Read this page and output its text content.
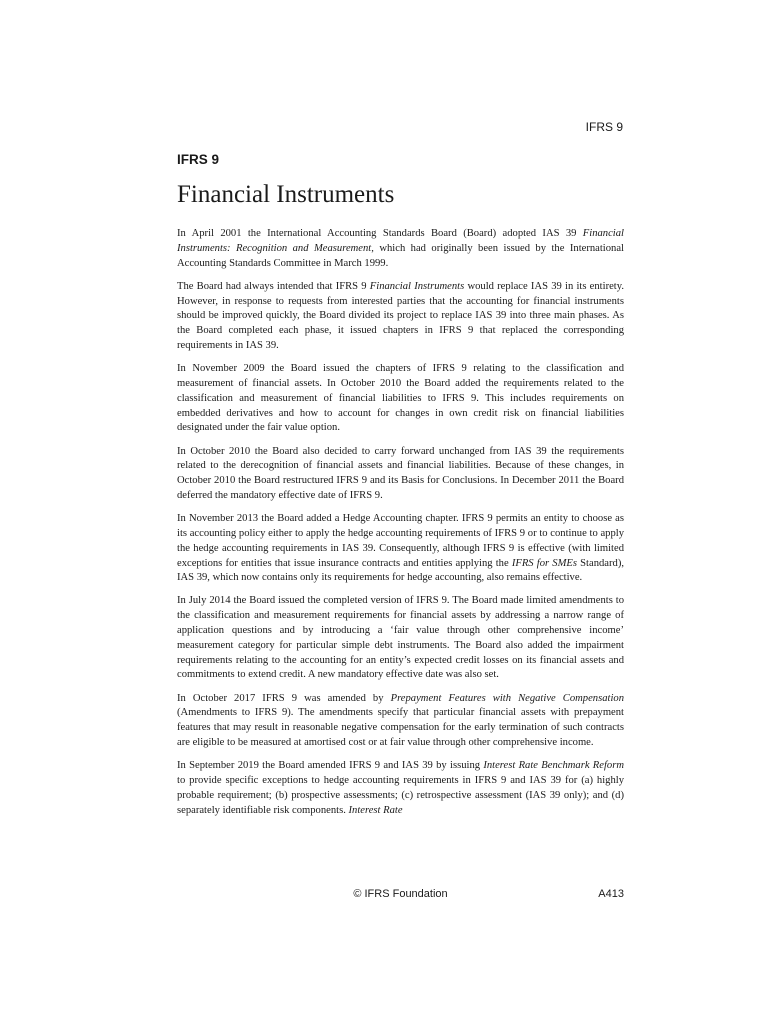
IFRS 9
IFRS 9
Financial Instruments

In April 2001 the International Accounting Standards Board (Board) adopted IAS 39 Financial Instruments: Recognition and Measurement, which had originally been issued by the International Accounting Standards Committee in March 1999.

The Board had always intended that IFRS 9 Financial Instruments would replace IAS 39 in its entirety. However, in response to requests from interested parties that the accounting for financial instruments should be improved quickly, the Board divided its project to replace IAS 39 into three main phases. As the Board completed each phase, it issued chapters in IFRS 9 that replaced the corresponding requirements in IAS 39.

In November 2009 the Board issued the chapters of IFRS 9 relating to the classification and measurement of financial assets. In October 2010 the Board added the requirements related to the classification and measurement of financial liabilities to IFRS 9. This includes requirements on embedded derivatives and how to account for changes in own credit risk on financial liabilities designated under the fair value option.

In October 2010 the Board also decided to carry forward unchanged from IAS 39 the requirements related to the derecognition of financial assets and financial liabilities. Because of these changes, in October 2010 the Board restructured IFRS 9 and its Basis for Conclusions. In December 2011 the Board deferred the mandatory effective date of IFRS 9.

In November 2013 the Board added a Hedge Accounting chapter. IFRS 9 permits an entity to choose as its accounting policy either to apply the hedge accounting requirements of IFRS 9 or to continue to apply the hedge accounting requirements in IAS 39. Consequently, although IFRS 9 is effective (with limited exceptions for entities that issue insurance contracts and entities applying the IFRS for SMEs Standard), IAS 39, which now contains only its requirements for hedge accounting, also remains effective.

In July 2014 the Board issued the completed version of IFRS 9. The Board made limited amendments to the classification and measurement requirements for financial assets by addressing a narrow range of application questions and by introducing a ‘fair value through other comprehensive income’ measurement category for particular simple debt instruments. The Board also added the impairment requirements relating to the accounting for an entity’s expected credit losses on its financial assets and commitments to extend credit. A new mandatory effective date was also set.

In October 2017 IFRS 9 was amended by Prepayment Features with Negative Compensation (Amendments to IFRS 9). The amendments specify that particular financial assets with prepayment features that may result in reasonable negative compensation for the early termination of such contracts are eligible to be measured at amortised cost or at fair value through other comprehensive income.

In September 2019 the Board amended IFRS 9 and IAS 39 by issuing Interest Rate Benchmark Reform to provide specific exceptions to hedge accounting requirements in IFRS 9 and IAS 39 for (a) highly probable requirement; (b) prospective assessments; (c) retrospective assessment (IAS 39 only); and (d) separately identifiable risk components. Interest Rate

© IFRS Foundation	A413
